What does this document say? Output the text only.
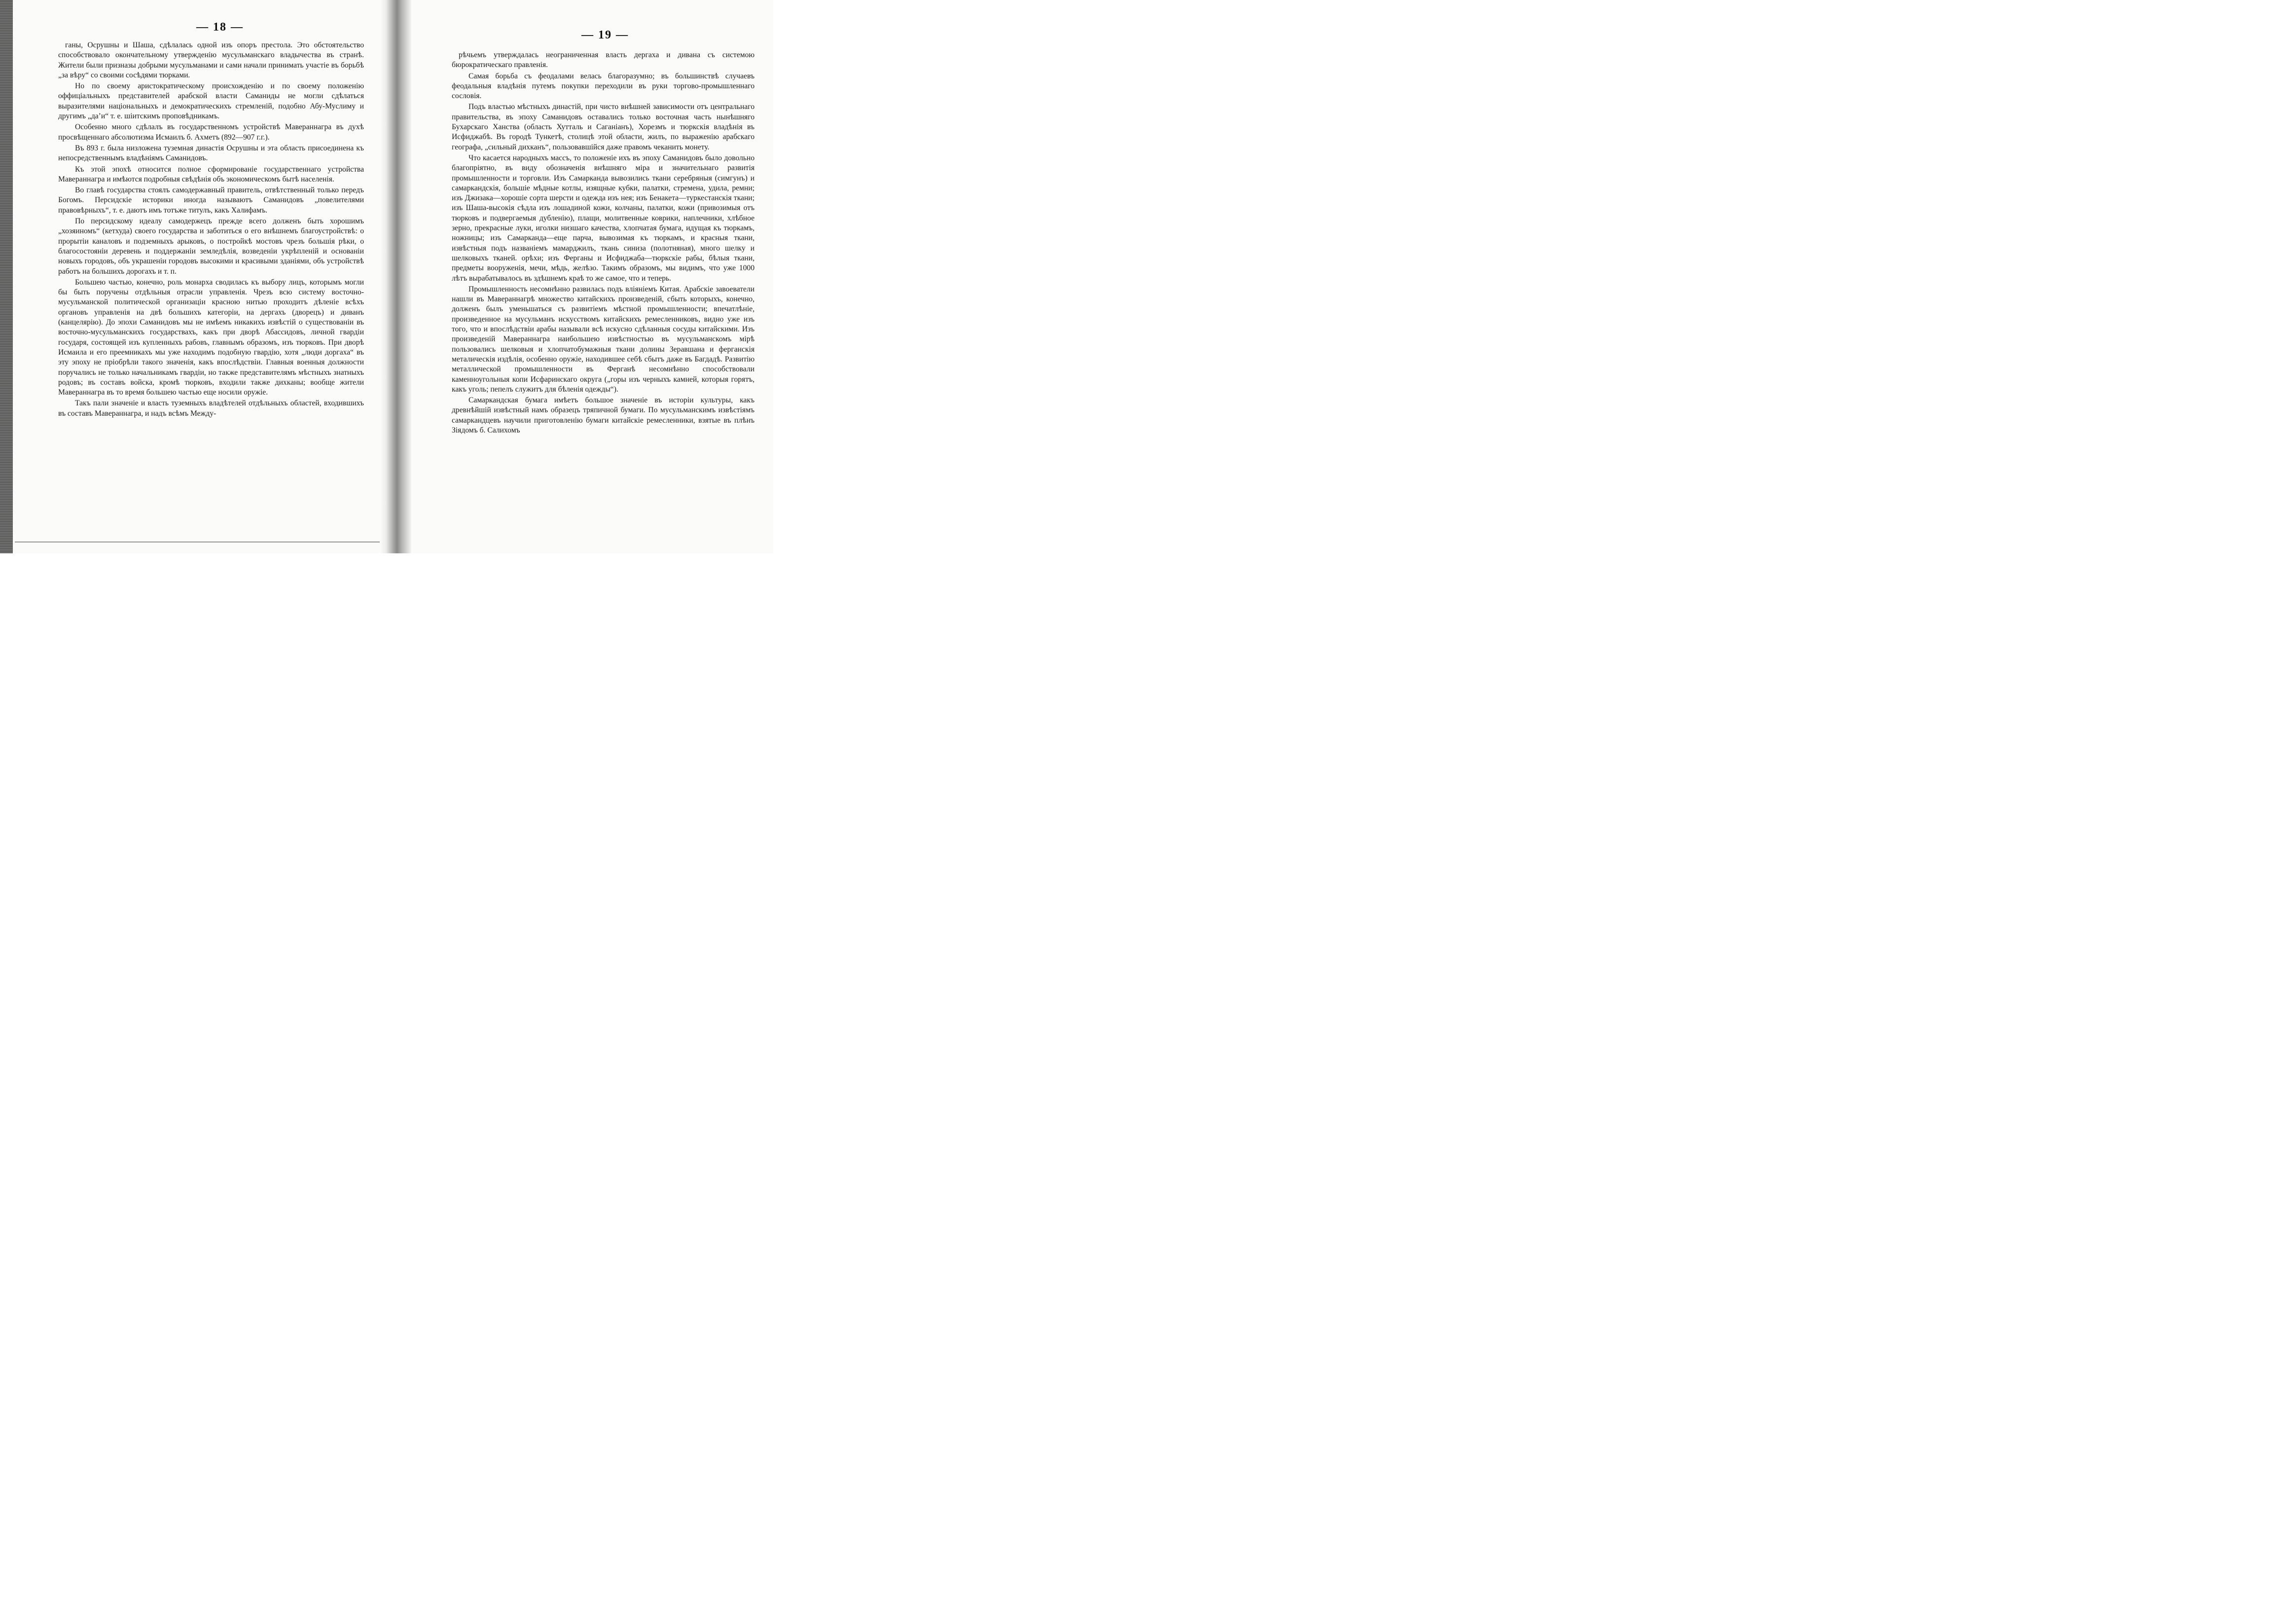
— 18 —

ганы, Осрушны и Шаша, сдѣлалась одной изъ опоръ престола. Это обстоятельство способствовало окончательному утвержденію мусульманскаго владычества въ странѣ. Жители были призназы добрыми мусульманами и сами начали принимать участіе въ борьбѣ „за вѣру“ со своими сосѣдями тюрками.

Но по своему аристократическому происхожденію и по своему положенію оффиціальныхъ представителей арабской власти Саманиды не могли сдѣлаться выразителями національныхъ и демократическихъ стремленій, подобно Абу-Муслиму и другимъ „да’и“ т. е. шіитскимъ проповѣдникамъ.

Особенно много сдѣлалъ въ государственномъ устройствѣ Мавераннагра въ духѣ просвѣщеннаго абсолютизма Исмаилъ б. Ахметъ (892—907 г.г.).

Въ 893 г. была низложена туземная династія Осрушны и эта область присоединена къ непосредственнымъ владѣніямъ Саманидовъ.

Къ этой эпохѣ относится полное сформированіе государственнаго устройства Мавераннагра и имѣются подробныя свѣдѣнія объ экономическомъ бытѣ населенія.

Во главѣ государства стоялъ самодержавный правитель, отвѣтственный только передъ Богомъ. Персидскіе историки иногда называютъ Саманидовъ „повелителями правовѣрныхъ“, т. е. даютъ имъ тотъже титулъ, какъ Халифамъ.

По персидскому идеалу самодержецъ прежде всего долженъ быть хорошимъ „хозяиномъ“ (кетхуда) своего государства и заботиться о его внѣшнемъ благоустройствѣ: о прорытіи каналовъ и подземныхъ арыковъ, о постройкѣ мостовъ чрезъ большія рѣки, о благосостояніи деревень и поддержаніи земледѣлія, возведеніи укрѣпленій и основаніи новыхъ городовъ, объ украшеніи городовъ высокими и красивыми зданіями, объ устройствѣ работъ на большихъ дорогахъ и т. п.

Большею частью, конечно, роль монарха сводилась къ выбору лицъ, которымъ могли бы быть поручены отдѣльныя отрасли управленія. Чрезъ всю систему восточно-мусульманской политической организаціи красною нитью проходитъ дѣленіе всѣхъ органовъ управленія на двѣ большихъ категоріи, на дергахъ (дворецъ) и диванъ (канцелярію). До эпохи Саманидовъ мы не имѣемъ никакихъ извѣстій о существованіи въ восточно-мусульманскихъ государствахъ, какъ при дворѣ Абассидовъ, личной гвардіи государя, состоящей изъ купленныхъ рабовъ, главнымъ образомъ, изъ тюрковъ. При дворѣ Исмаила и его преемникахъ мы уже находимъ подобную гвардію, хотя „люди доргаха“ въ эту эпоху не пріобрѣли такого значенія, какъ впослѣдствіи. Главныя военныя должности поручались не только начальникамъ гвардіи, но также представителямъ мѣстныхъ знатныхъ родовъ; въ составъ войска, кромѣ тюрковъ, входили также дихканы; вообще жители Мавераннагра въ то время большею частью еще носили оружіе.

Такъ пали значеніе и власть туземныхъ владѣтелей отдѣльныхъ областей, входившихъ въ составъ Мавераннагра, и надъ всѣмъ Между-

— 19 —

рѣчьемъ утверждалась неограниченная власть дергаха и дивана съ системою бюрократическаго правленія.

Самая борьба съ феодалами велась благоразумно; въ большинствѣ случаевъ феодальныя владѣнія путемъ покупки переходили въ руки торгово-промышленнаго сословія.

Подъ властью мѣстныхъ династій, при чисто внѣшней зависимости отъ центральнаго правительства, въ эпоху Саманидовъ оставались только восточная часть нынѣшняго Бухарскаго Ханства (область Хутталь и Саганіанъ), Хорезмъ и тюркскія владѣнія въ Исфиджабѣ. Въ городѣ Тункетѣ, столицѣ этой области, жилъ, по выраженію арабскаго географа, „сильный дихканъ“, пользовавшійся даже правомъ чеканить монету.

Что касается народныхъ массъ, то положеніе ихъ въ эпоху Саманидовъ было довольно благопріятно, въ виду обозначенія внѣшняго міра и значительнаго развитія промышленности и торговли. Изъ Самарканда вывозились ткани серебряныя (симгунъ) и самаркандскія, большіе мѣдные котлы, изящные кубки, палатки, стремена, удила, ремни; изъ Джизака—хорошіе сорта шерсти и одежда изъ нея; изъ Бенакета—туркестанскія ткани; изъ Шаша-высокія сѣдла изъ лошадиной кожи, колчаны, палатки, кожи (привозимыя отъ тюрковъ и подвергаемыя дубленію), плащи, молитвенные коврики, наплечники, хлѣбное зерно, прекрасные луки, иголки низшаго качества, хлопчатая бумага, идущая къ тюркамъ, ножницы; изъ Самарканда—еще парча, вывозимая къ тюркамъ, и красныя ткани, извѣстныя подъ названіемъ мамарджилъ, ткань синиза (полотняная), много шелку и шелковыхъ тканей. орѣхи; изъ Ферганы и Исфиджаба—тюркскіе рабы, бѣлыя ткани, предметы вооруженія, мечи, мѣдь, желѣзо. Такимъ образомъ, мы видимъ, что уже 1000 лѣтъ вырабатывалось въ здѣшнемъ краѣ то же самое, что и теперь.

Промышленность несомнѣнно развилась подъ вліяніемъ Китая. Арабскіе завоеватели нашли въ Мавераннагрѣ множество китайскихъ произведеній, сбыть которыхъ, конечно, долженъ былъ уменьшаться съ развитіемъ мѣстной промышленности; впечатлѣніе, произведенное на мусульманъ искусствомъ китайскихъ ремесленниковъ, видно уже изъ того, что и впослѣдствіи арабы называли всѣ искусно сдѣланныя сосуды китайскими. Изъ произведеній Мавераннагра наибольшею извѣстностью въ мусульманскомъ мірѣ пользовались шелковыя и хлопчатобумажныя ткани долины Зеравшана и ферганскія металическія издѣлія, особенно оружіе, находившее себѣ сбытъ даже въ Багдадѣ. Развитію металлической промышленности въ Ферганѣ несомнѣнно способствовали каменноугольныя копи Исфаринскаго округа („горы изъ черныхъ камней, которыя горятъ, какъ уголь; пепелъ служитъ для бѣленія одежды“).

Самаркандская бумага имѣетъ большое значеніе въ исторіи культуры, какъ древнѣйшій извѣстный намъ образецъ тряпичной бумаги. По мусульманскимъ извѣстіямъ самаркандцевъ научили приготовленію бумаги китайскіе ремесленники, взятые въ плѣнъ Зіядомъ б. Салихомъ
